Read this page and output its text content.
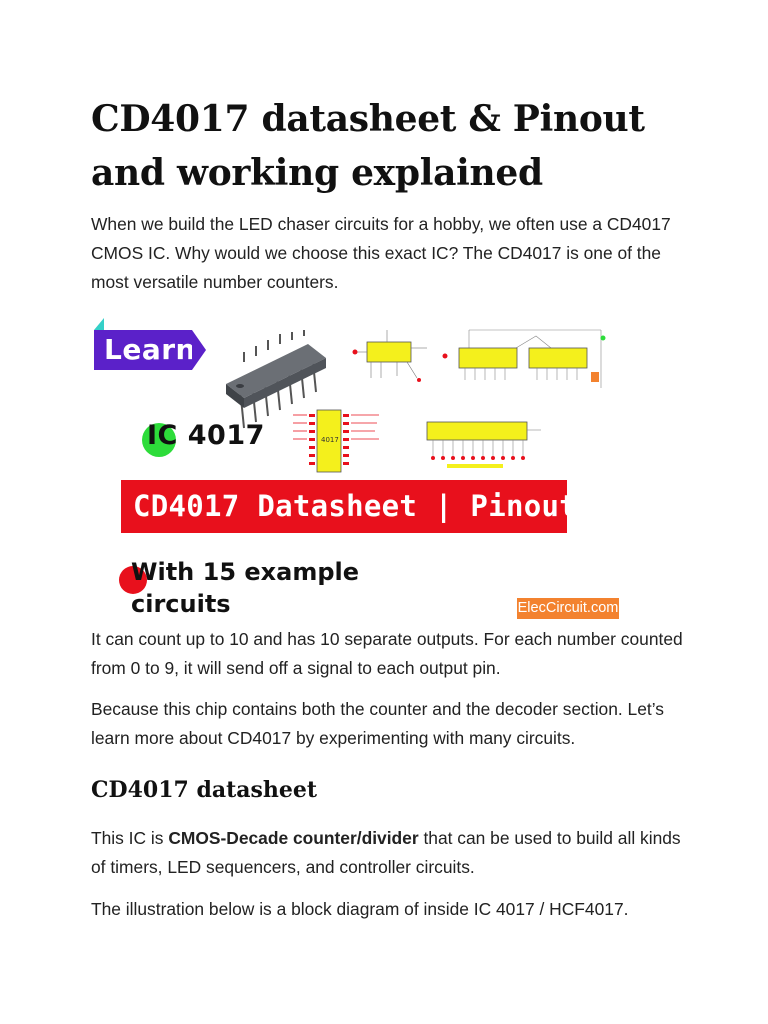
CD4017 datasheet & Pinout and working explained

When we build the LED chaser circuits for a hobby, we often use a CD4017 CMOS IC. Why would we choose this exact IC? The CD4017 is one of the most versatile number counters.

It can count up to 10 and has 10 separate outputs. For each number counted from 0 to 9, it will send off a signal to each output pin.

Because this chip contains both the counter and the decoder section. Let’s learn more about CD4017 by experimenting with many circuits.

CD4017 datasheet

This IC is CMOS-Decade counter/divider that can be used to build all kinds of timers, LED sequencers, and controller circuits.

The illustration below is a block diagram of inside IC 4017 / HCF4017.

Learn
4017
IC 4017
CD4017 Datasheet | Pinout
With 15 example
circuits	ElecCircuit.com
